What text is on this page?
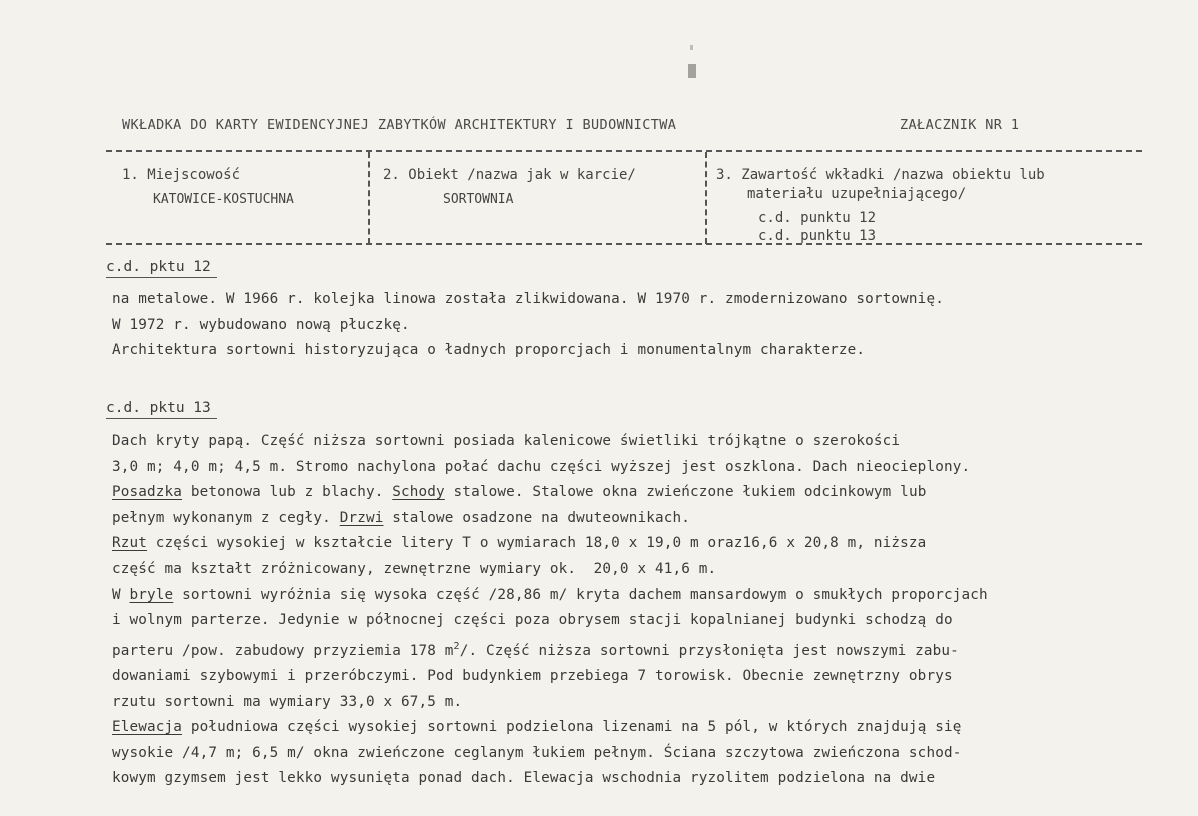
WKŁADKA DO KARTY EWIDENCYJNEJ ZABYTKÓW ARCHITEKTURY I BUDOWNICTWA	ZAŁACZNIK NR 1
1. Miejscowość
KATOWICE-KOSTUCHNA
2. Obiekt /nazwa jak w karcie/
SORTOWNIA
3. Zawartość wkładki /nazwa obiektu lub
materiału uzupełniającego/
c.d. punktu 12
c.d. punktu 13
c.d. pktu 12
na metalowe. W 1966 r. kolejka linowa została zlikwidowana. W 1970 r. zmodernizowano sortownię.
W 1972 r. wybudowano nową płuczkę.
Architektura sortowni historyzująca o ładnych proporcjach i monumentalnym charakterze.
c.d. pktu 13
Dach kryty papą. Część niższa sortowni posiada kalenicowe świetliki trójkątne o szerokości
3,0 m; 4,0 m; 4,5 m. Stromo nachylona połać dachu części wyższej jest oszklona. Dach nieocieplony.
Posadzka betonowa lub z blachy. Schody stalowe. Stalowe okna zwieńczone łukiem odcinkowym lub
pełnym wykonanym z cegły. Drzwi stalowe osadzone na dwuteownikach.
Rzut części wysokiej w kształcie litery T o wymiarach 18,0 x 19,0 m oraz16,6 x 20,8 m, niższa
część ma kształt zróżnicowany, zewnętrzne wymiary ok.  20,0 x 41,6 m.
W bryle sortowni wyróżnia się wysoka część /28,86 m/ kryta dachem mansardowym o smukłych proporcjach
i wolnym parterze. Jedynie w północnej części poza obrysem stacji kopalnianej budynki schodzą do
parteru /pow. zabudowy przyziemia 178 $m^2/$. Część niższa sortowni przysłonięta jest nowszymi zabu-
dowaniami szybowymi i przeróbczymi. Pod budynkiem przebiega 7 torowisk. Obecnie zewnętrzny obrys
rzutu sortowni ma wymiary 33,0 x 67,5 m.
Elewacja południowa części wysokiej sortowni podzielona lizenami na 5 pól, w których znajdują się
wysokie /4,7 m; 6,5 m/ okna zwieńczone ceglanym łukiem pełnym. Ściana szczytowa zwieńczona schod-
kowym gzymsem jest lekko wysunięta ponad dach. Elewacja wschodnia ryzolitem podzielona na dwie
